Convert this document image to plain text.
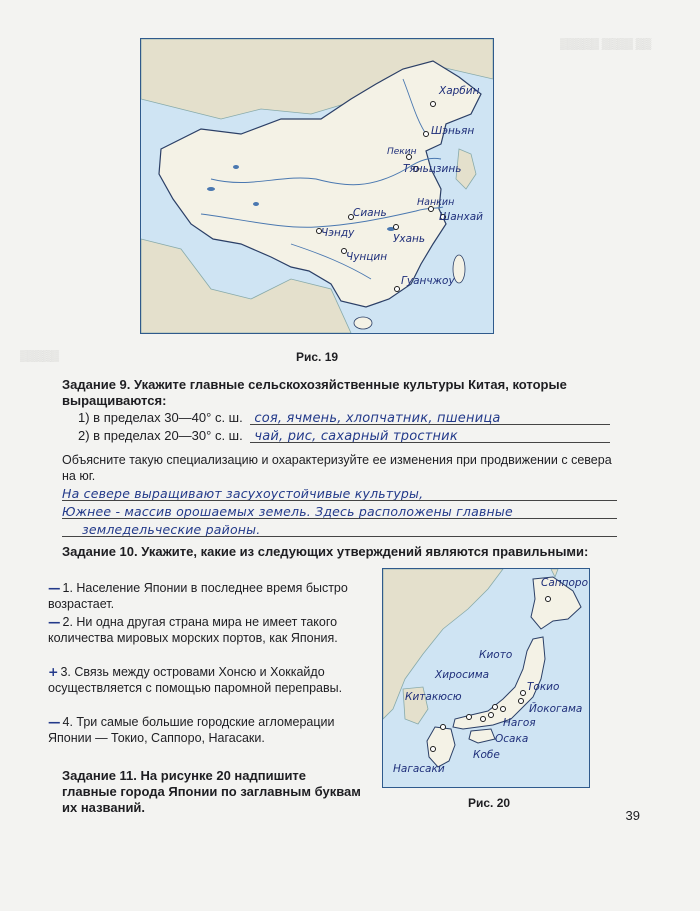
▒▒▒▒▒ ▒▒▒▒ ▒▒
▒▒▒▒▒
Харбин
Шэньян
Пекин
Тяньцзинь
Нанкин
Шанхай
Сиань
Ухань
Чэнду
Чунцин
Гуанчжоу
Рис. 19
Задание 9. Укажите главные сельскохозяйственные культуры Китая, которые выращиваются:
1) в пределах 30—40° с. ш. соя, ячмень, хлопчатник, пшеница
2) в пределах 20—30° с. ш. чай, рис, сахарный тростник
Объясните такую специализацию и охарактеризуйте ее изменения при продвижении с севера на юг.
На севере выращивают засухоустойчивые культуры,
Южнее - массив орошаемых земель. Здесь расположены главные
земледельческие районы.
Задание 10. Укажите, какие из следующих утверждений являются правильными:
— 1. Население Японии в последнее время быстро возрастает.
— 2. Ни одна другая страна мира не имеет такого количества мировых морских портов, как Япония.
+ 3. Связь между островами Хонсю и Хоккайдо осуществляется с помощью паромной переправы.
— 4. Три самые большие городские агломерации Японии — Токио, Саппоро, Нагасаки.
Задание 11. На рисунке 20 надпишите главные города Японии по заглавным буквам их названий.
Саппоро
Киото
Хиросима
Китакюсю
Токио
Йокогама
Нагоя
Осака
Кобе
Нагасаки
Рис. 20
39
